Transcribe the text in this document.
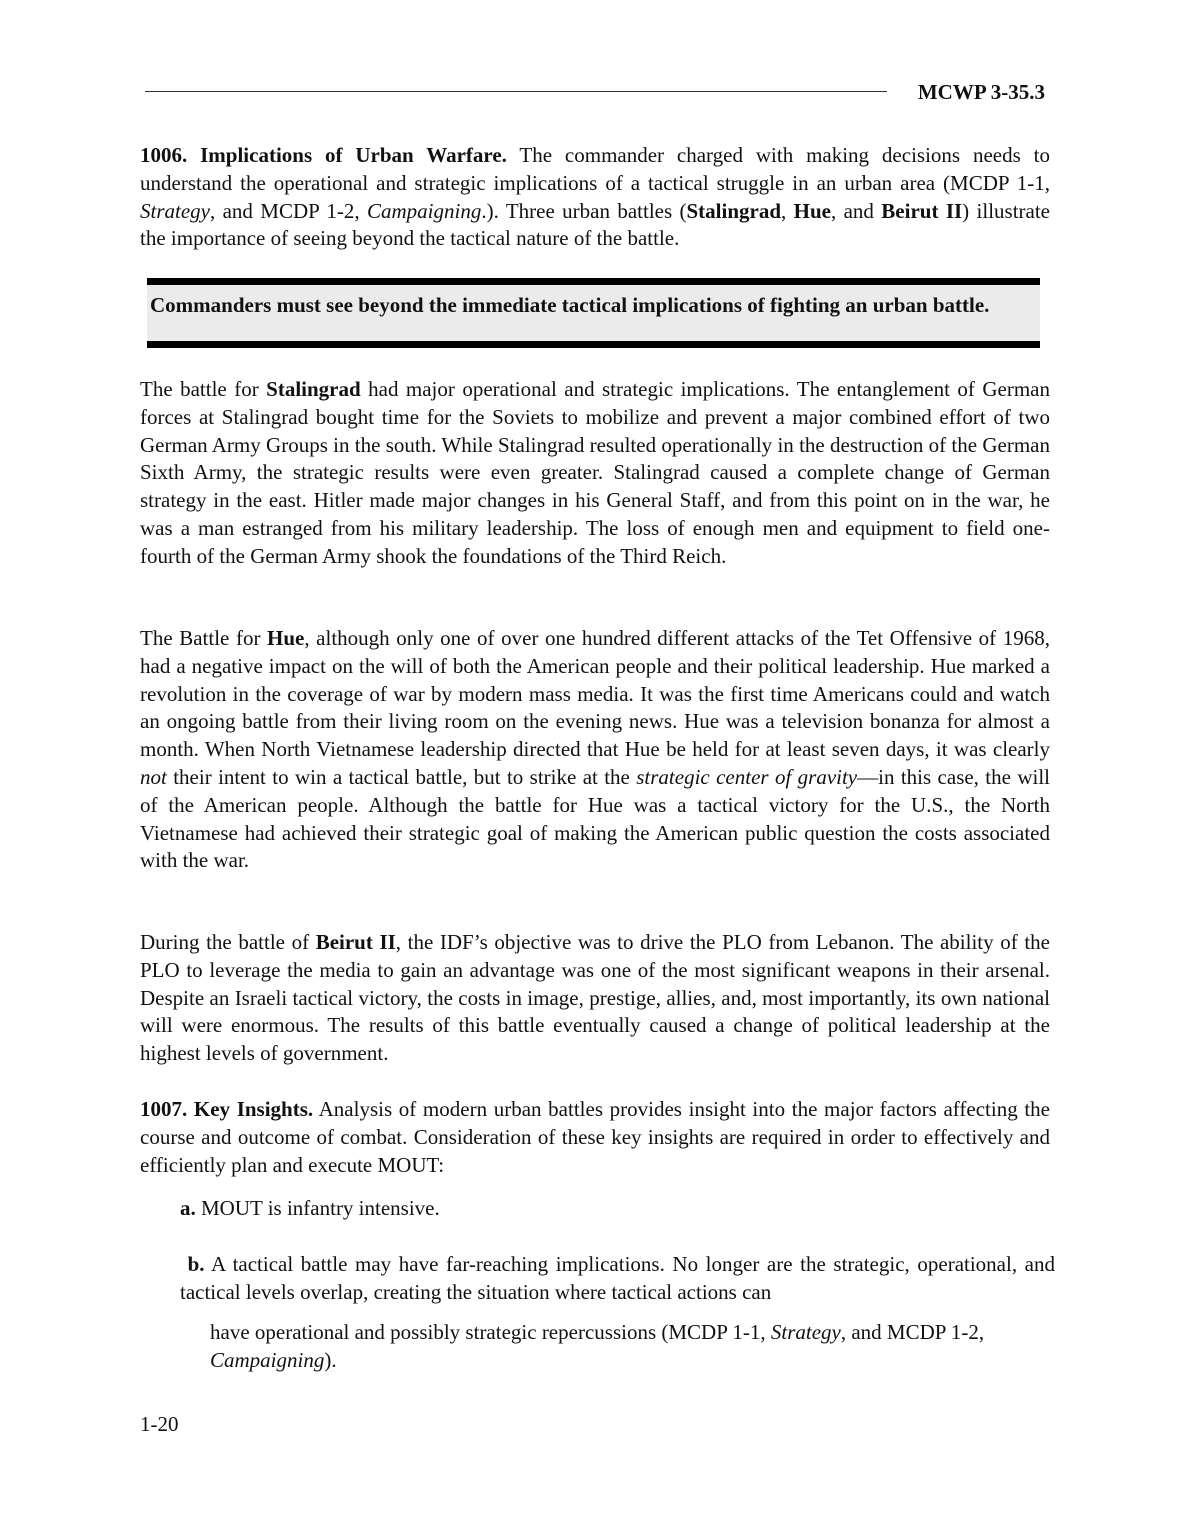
MCWP 3-35.3

1006. Implications of Urban Warfare. The commander charged with making decisions needs to understand the operational and strategic implications of a tactical struggle in an urban area (MCDP 1-1, Strategy, and MCDP 1-2, Campaigning.). Three urban battles (Stalingrad, Hue, and Beirut II) illustrate the importance of seeing beyond the tactical nature of the battle.

Commanders must see beyond the immediate tactical implications of fighting an urban battle.

The battle for Stalingrad had major operational and strategic implications. The entanglement of German forces at Stalingrad bought time for the Soviets to mobilize and prevent a major combined effort of two German Army Groups in the south. While Stalingrad resulted operationally in the destruction of the German Sixth Army, the strategic results were even greater. Stalingrad caused a complete change of German strategy in the east. Hitler made major changes in his General Staff, and from this point on in the war, he was a man estranged from his military leadership. The loss of enough men and equipment to field one-fourth of the German Army shook the foundations of the Third Reich.

The Battle for Hue, although only one of over one hundred different attacks of the Tet Offensive of 1968, had a negative impact on the will of both the American people and their political leadership. Hue marked a revolution in the coverage of war by modern mass media. It was the first time Americans could and watch an ongoing battle from their living room on the evening news. Hue was a television bonanza for almost a month. When North Vietnamese leadership directed that Hue be held for at least seven days, it was clearly not their intent to win a tactical battle, but to strike at the strategic center of gravity—in this case, the will of the American people. Although the battle for Hue was a tactical victory for the U.S., the North Vietnamese had achieved their strategic goal of making the American public question the costs associated with the war.

During the battle of Beirut II, the IDF’s objective was to drive the PLO from Lebanon. The ability of the PLO to leverage the media to gain an advantage was one of the most significant weapons in their arsenal. Despite an Israeli tactical victory, the costs in image, prestige, allies, and, most importantly, its own national will were enormous. The results of this battle eventually caused a change of political leadership at the highest levels of government.

1007. Key Insights. Analysis of modern urban battles provides insight into the major factors affecting the course and outcome of combat. Consideration of these key insights are required in order to effectively and efficiently plan and execute MOUT:

a. MOUT is infantry intensive.
b. A tactical battle may have far-reaching implications. No longer are the strategic, operational, and tactical levels overlap, creating the situation where tactical actions can
have operational and possibly strategic repercussions (MCDP 1-1, Strategy, and MCDP 1-2, Campaigning).
1-20
